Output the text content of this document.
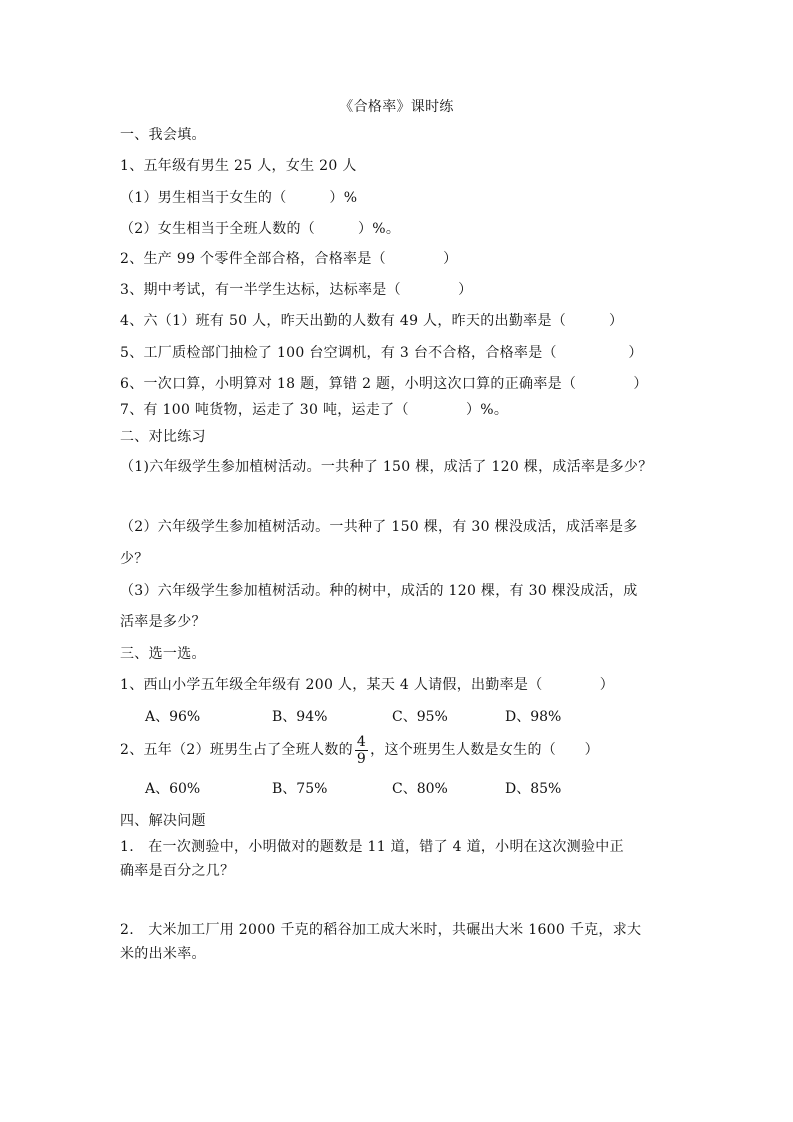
《合格率》课时练
一、我会填。
1、五年级有男生 25 人，女生 20 人
（1）男生相当于女生的（　　　）%
（2）女生相当于全班人数的（　　　）%。
2、生产 99 个零件全部合格，合格率是（　　　　）
3、期中考试，有一半学生达标，达标率是（　　　　）
4、六（1）班有 50 人，昨天出勤的人数有 49 人，昨天的出勤率是（　　　）
5、工厂质检部门抽检了 100 台空调机，有 3 台不合格，合格率是（　　　　　）
6、一次口算，小明算对 18 题，算错 2 题，小明这次口算的正确率是（　　　　）
7、有 100 吨货物，运走了 30 吨，运走了（　　　　）%。
二、对比练习
（1)六年级学生参加植树活动。一共种了 150 棵，成活了 120 棵，成活率是多少？
（2）六年级学生参加植树活动。一共种了 150 棵，有 30 棵没成活，成活率是多
少？
（3）六年级学生参加植树活动。种的树中，成活的 120 棵，有 30 棵没成活，成
活率是多少？
三、选一选。
1、西山小学五年级全年级有 200 人，某天 4 人请假，出勤率是（　　　　）
A、96%	B、94%	C、95%	D、98%
2、五年（2）班男生占了全班人数的 $\frac{4}{9}$ ，这个班男生人数是女生的（　　）
A、60%	B、75%	C、80%	D、85%
四、解决问题
1.　在一次测验中，小明做对的题数是 11 道，错了 4 道，小明在这次测验中正
确率是百分之几？
2.　大米加工厂用 2000 千克的稻谷加工成大米时，共碾出大米 1600 千克，求大
米的出米率。
